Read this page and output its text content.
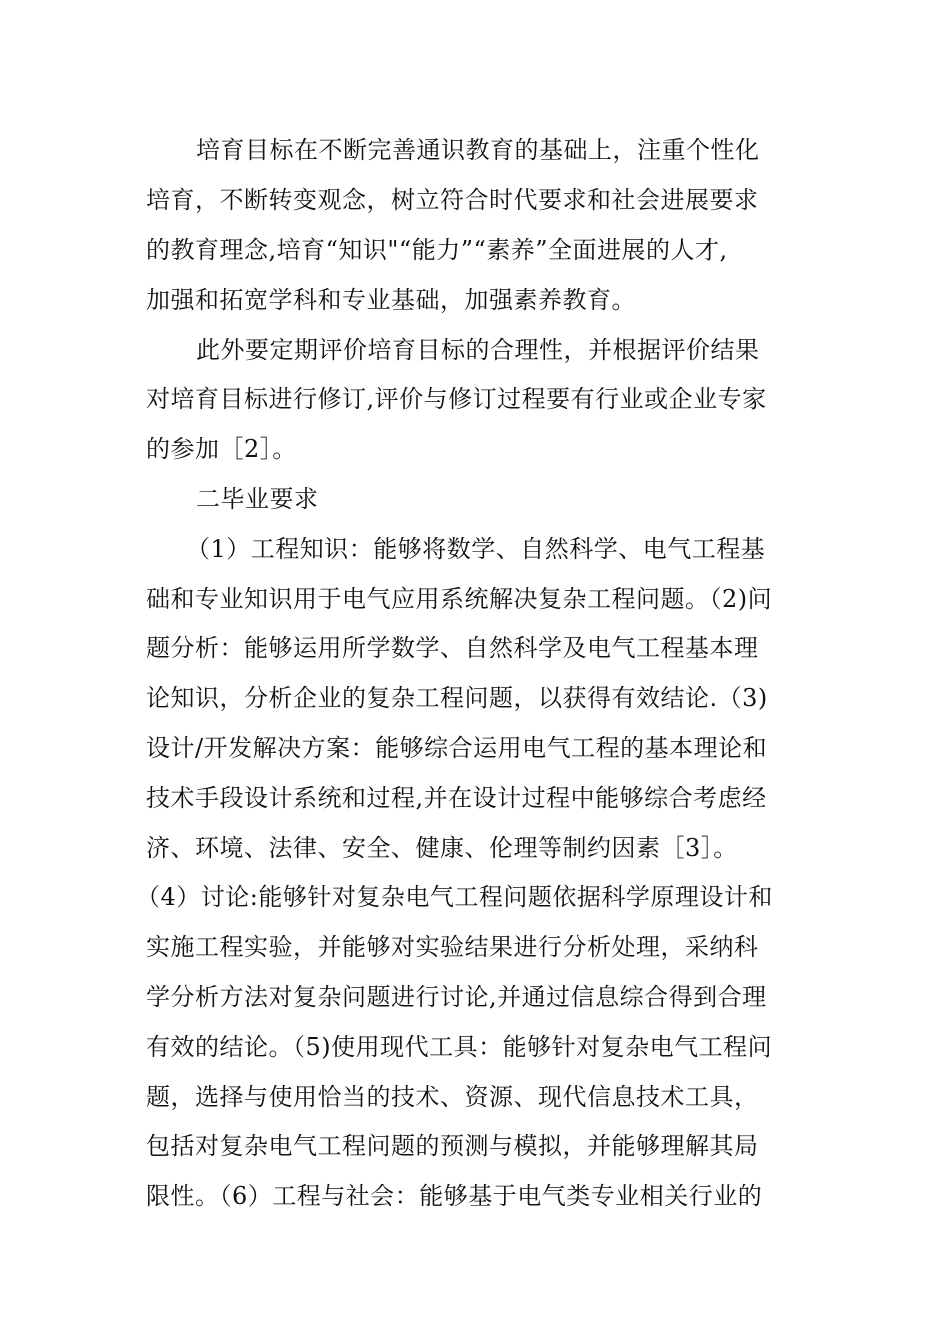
培育目标在不断完善通识教育的基础上，注重个性化
培育，不断转变观念，树立符合时代要求和社会进展要求
的教育理念,培育“知识"“能力”“素养”全面进展的人才,
加强和拓宽学科和专业基础，加强素养教育。
此外要定期评价培育目标的合理性，并根据评价结果
对培育目标进行修订,评价与修订过程要有行业或企业专家
的参加［2］。
二毕业要求
（1）工程知识：能够将数学、自然科学、电气工程基
础和专业知识用于电气应用系统解决复杂工程问题。（2)问
题分析：能够运用所学数学、自然科学及电气工程基本理
论知识，分析企业的复杂工程问题，以获得有效结论.（3)
设计/开发解决方案：能够综合运用电气工程的基本理论和
技术手段设计系统和过程,并在设计过程中能够综合考虑经
济、环境、法律、安全、健康、伦理等制约因素［3］。
（4）讨论:能够针对复杂电气工程问题依据科学原理设计和
实施工程实验，并能够对实验结果进行分析处理，采纳科
学分析方法对复杂问题进行讨论,并通过信息综合得到合理
有效的结论。（5)使用现代工具：能够针对复杂电气工程问
题，选择与使用恰当的技术、资源、现代信息技术工具，
包括对复杂电气工程问题的预测与模拟，并能够理解其局
限性。（6）工程与社会：能够基于电气类专业相关行业的
